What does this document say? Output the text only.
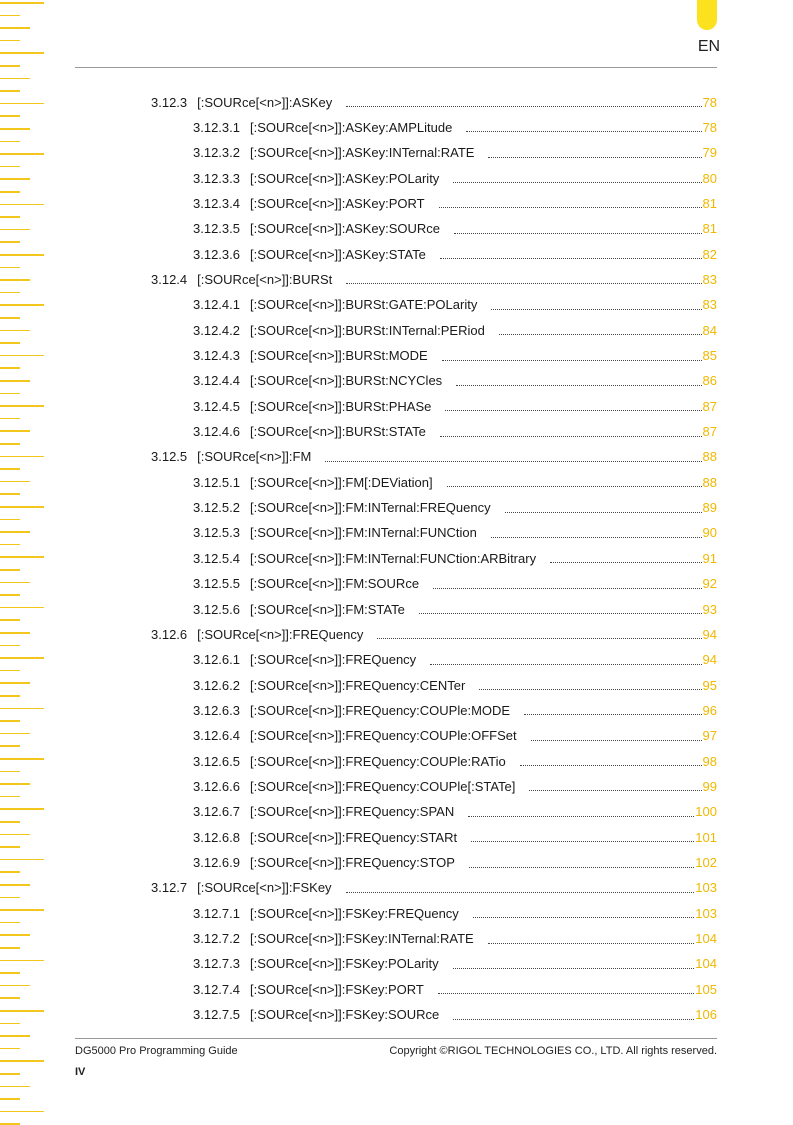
EN
3.12.3 [:SOURce[<n>]]:ASKey	78
3.12.3.1 [:SOURce[<n>]]:ASKey:AMPLitude	78
3.12.3.2 [:SOURce[<n>]]:ASKey:INTernal:RATE	79
3.12.3.3 [:SOURce[<n>]]:ASKey:POLarity	80
3.12.3.4 [:SOURce[<n>]]:ASKey:PORT	81
3.12.3.5 [:SOURce[<n>]]:ASKey:SOURce	81
3.12.3.6 [:SOURce[<n>]]:ASKey:STATe	82
3.12.4 [:SOURce[<n>]]:BURSt	83
3.12.4.1 [:SOURce[<n>]]:BURSt:GATE:POLarity	83
3.12.4.2 [:SOURce[<n>]]:BURSt:INTernal:PERiod	84
3.12.4.3 [:SOURce[<n>]]:BURSt:MODE	85
3.12.4.4 [:SOURce[<n>]]:BURSt:NCYCles	86
3.12.4.5 [:SOURce[<n>]]:BURSt:PHASe	87
3.12.4.6 [:SOURce[<n>]]:BURSt:STATe	87
3.12.5 [:SOURce[<n>]]:FM	88
3.12.5.1 [:SOURce[<n>]]:FM[:DEViation]	88
3.12.5.2 [:SOURce[<n>]]:FM:INTernal:FREQuency	89
3.12.5.3 [:SOURce[<n>]]:FM:INTernal:FUNCtion	90
3.12.5.4 [:SOURce[<n>]]:FM:INTernal:FUNCtion:ARBitrary	91
3.12.5.5 [:SOURce[<n>]]:FM:SOURce	92
3.12.5.6 [:SOURce[<n>]]:FM:STATe	93
3.12.6 [:SOURce[<n>]]:FREQuency	94
3.12.6.1 [:SOURce[<n>]]:FREQuency	94
3.12.6.2 [:SOURce[<n>]]:FREQuency:CENTer	95
3.12.6.3 [:SOURce[<n>]]:FREQuency:COUPle:MODE	96
3.12.6.4 [:SOURce[<n>]]:FREQuency:COUPle:OFFSet	97
3.12.6.5 [:SOURce[<n>]]:FREQuency:COUPle:RATio	98
3.12.6.6 [:SOURce[<n>]]:FREQuency:COUPle[:STATe]	99
3.12.6.7 [:SOURce[<n>]]:FREQuency:SPAN	100
3.12.6.8 [:SOURce[<n>]]:FREQuency:STARt	101
3.12.6.9 [:SOURce[<n>]]:FREQuency:STOP	102
3.12.7 [:SOURce[<n>]]:FSKey	103
3.12.7.1 [:SOURce[<n>]]:FSKey:FREQuency	103
3.12.7.2 [:SOURce[<n>]]:FSKey:INTernal:RATE	104
3.12.7.3 [:SOURce[<n>]]:FSKey:POLarity	104
3.12.7.4 [:SOURce[<n>]]:FSKey:PORT	105
3.12.7.5 [:SOURce[<n>]]:FSKey:SOURce	106
DG5000 Pro Programming Guide	Copyright ©RIGOL TECHNOLOGIES CO., LTD. All rights reserved.
IV
